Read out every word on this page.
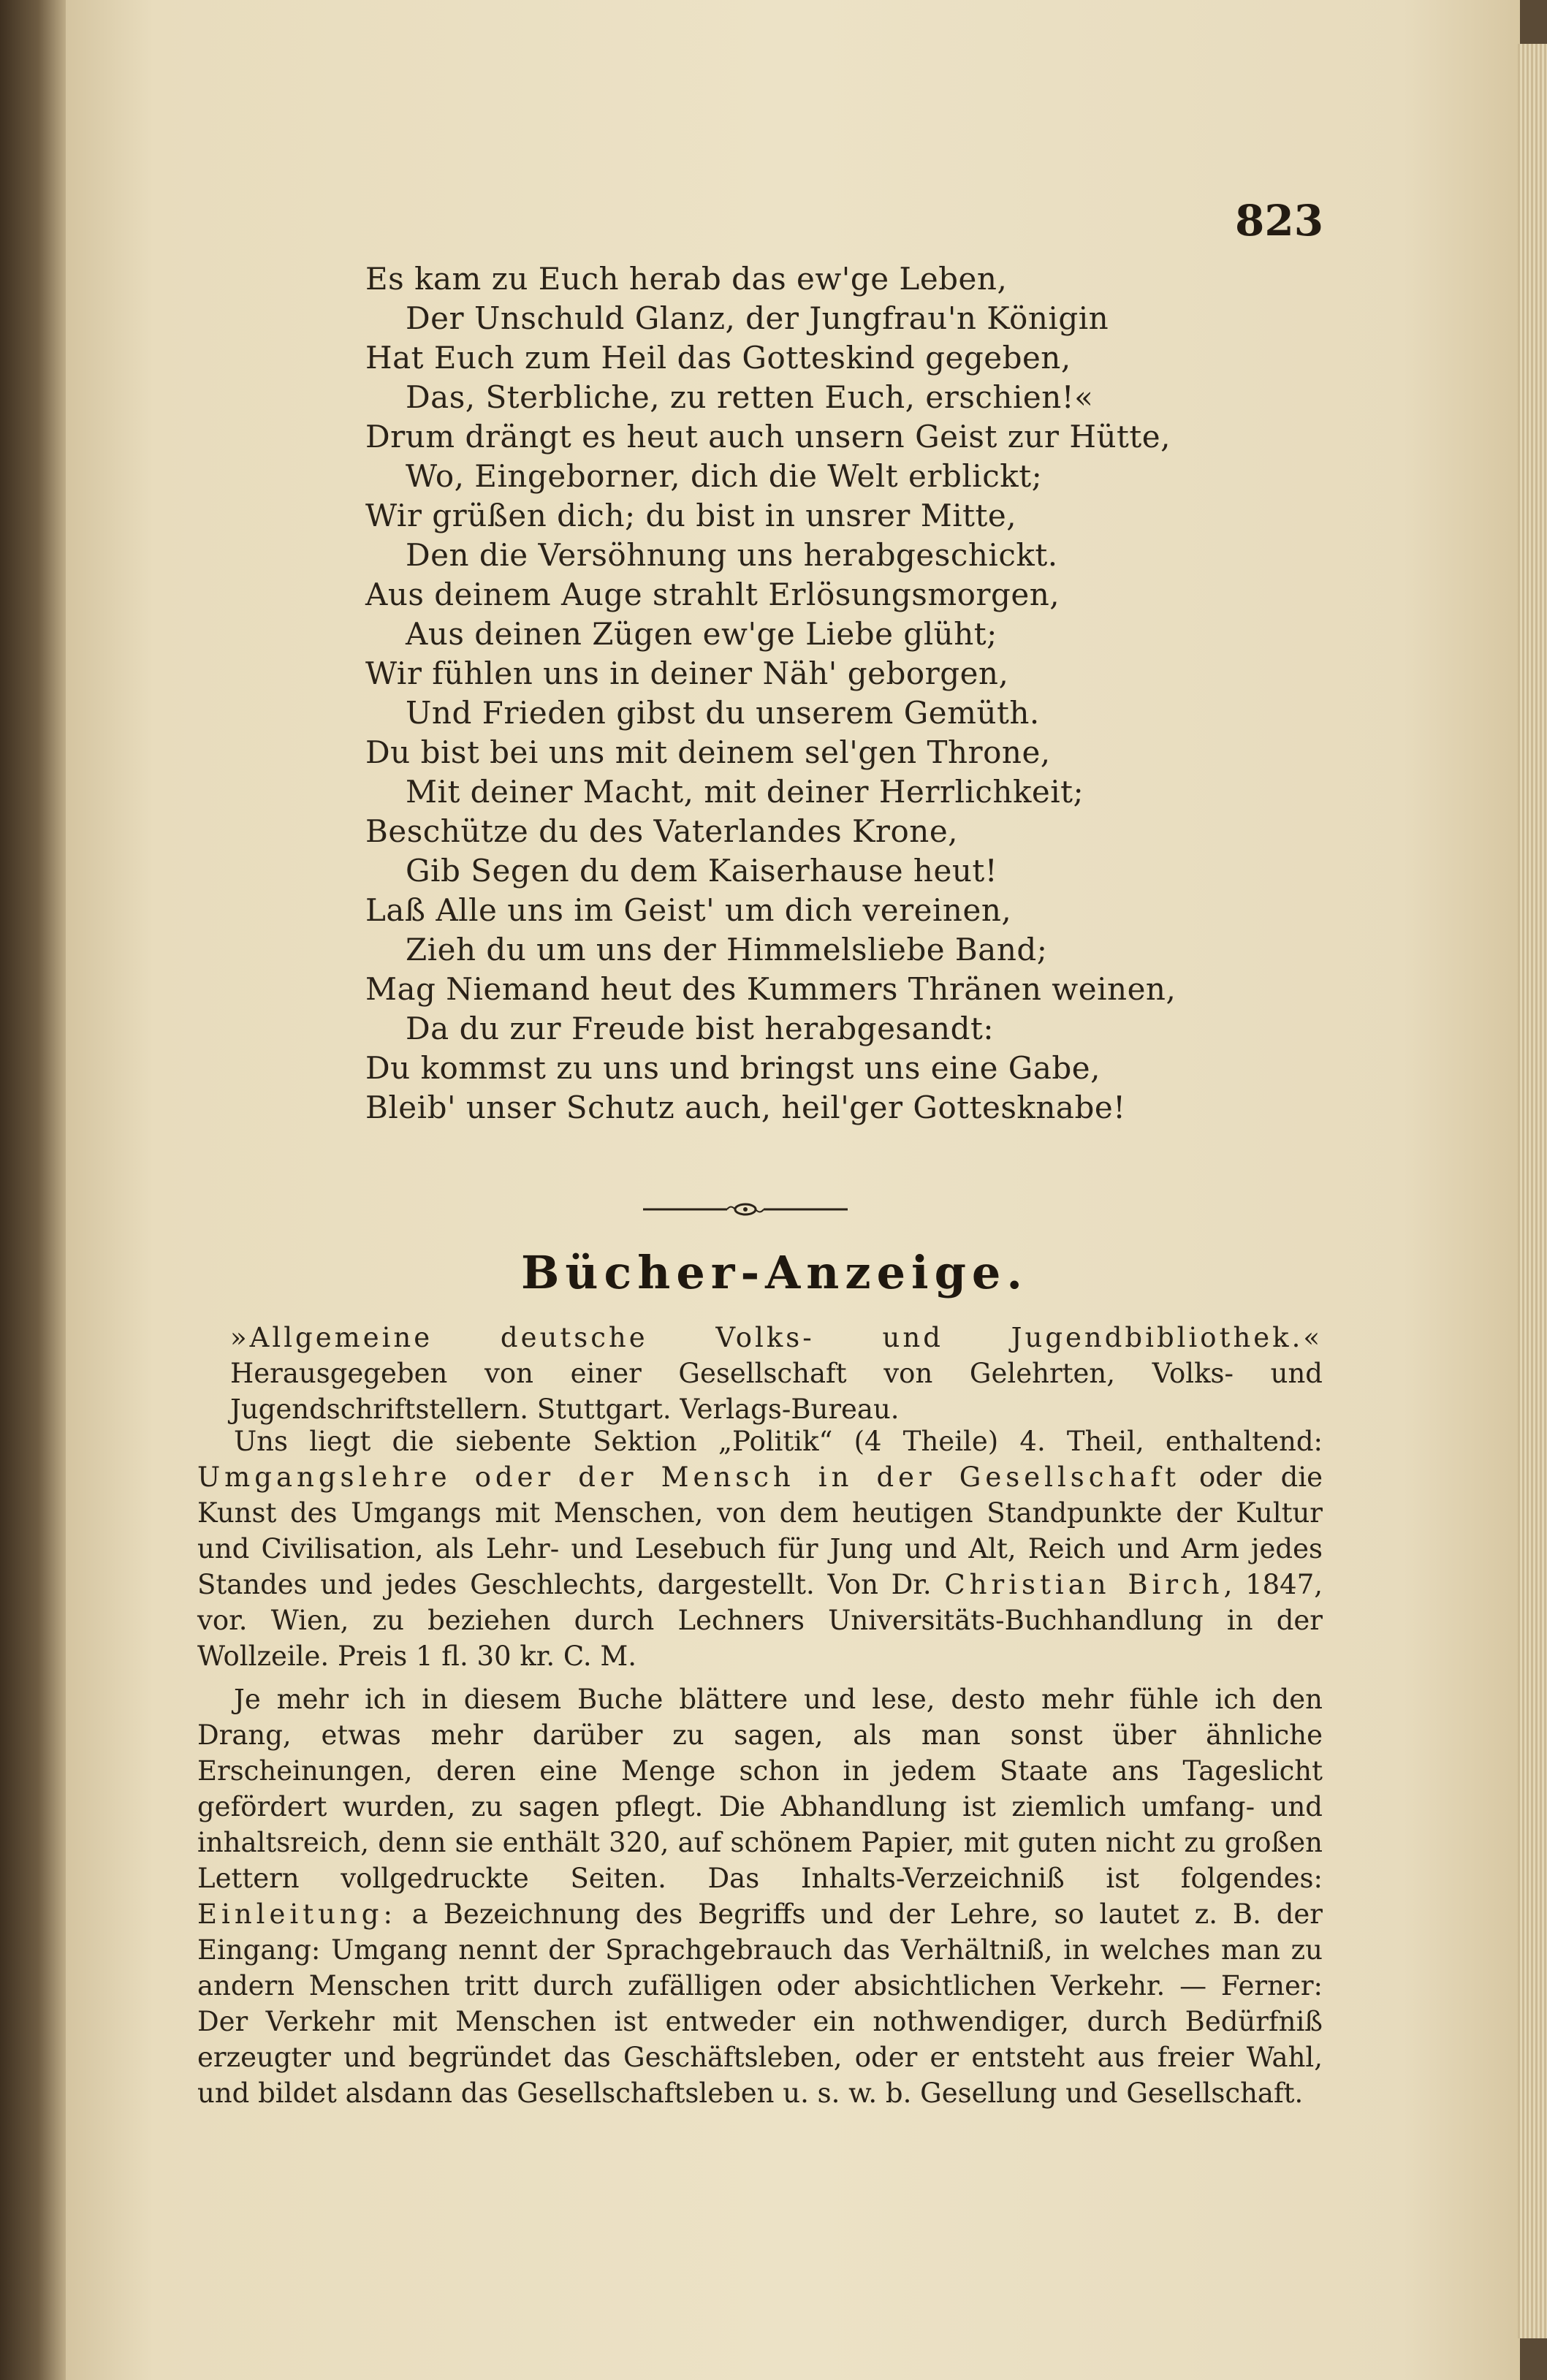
823
Es kam zu Euch herab das ew'ge Leben,
Der Unschuld Glanz, der Jungfrau'n Königin
Hat Euch zum Heil das Gotteskind gegeben,
Das, Sterbliche, zu retten Euch, erschien!«
Drum drängt es heut auch unsern Geist zur Hütte,
Wo, Eingeborner, dich die Welt erblickt;
Wir grüßen dich; du bist in unsrer Mitte,
Den die Versöhnung uns herabgeschickt.
Aus deinem Auge strahlt Erlösungsmorgen,
Aus deinen Zügen ew'ge Liebe glüht;
Wir fühlen uns in deiner Näh' geborgen,
Und Frieden gibst du unserem Gemüth.
Du bist bei uns mit deinem sel'gen Throne,
Mit deiner Macht, mit deiner Herrlichkeit;
Beschütze du des Vaterlandes Krone,
Gib Segen du dem Kaiserhause heut!
Laß Alle uns im Geist' um dich vereinen,
Zieh du um uns der Himmelsliebe Band;
Mag Niemand heut des Kummers Thränen weinen,
Da du zur Freude bist herabgesandt:
Du kommst zu uns und bringst uns eine Gabe,
Bleib' unser Schutz auch, heil'ger Gottesknabe!
Bücher-Anzeige.
»Allgemeine deutsche Volks- und Jugendbibliothek.« Herausgegeben von einer Gesellschaft von Gelehrten, Volks- und Jugendschriftstellern. Stuttgart. Verlags-Bureau.

Uns liegt die siebente Sektion „Politik“ (4 Theile) 4. Theil, enthaltend: Umgangslehre oder der Mensch in der Gesellschaft oder die Kunst des Umgangs mit Menschen, von dem heutigen Standpunkte der Kultur und Civilisation, als Lehr- und Lesebuch für Jung und Alt, Reich und Arm jedes Standes und jedes Geschlechts, dargestellt. Von Dr. Christian Birch, 1847, vor. Wien, zu beziehen durch Lechners Universitäts-Buchhandlung in der Wollzeile. Preis 1 fl. 30 kr. C. M.

Je mehr ich in diesem Buche blättere und lese, desto mehr fühle ich den Drang, etwas mehr darüber zu sagen, als man sonst über ähnliche Erscheinungen, deren eine Menge schon in jedem Staate ans Tageslicht gefördert wurden, zu sagen pflegt. Die Abhandlung ist ziemlich umfang- und inhaltsreich, denn sie enthält 320, auf schönem Papier, mit guten nicht zu großen Lettern vollgedruckte Seiten. Das Inhalts-Verzeichniß ist folgendes: Einleitung: a Bezeichnung des Begriffs und der Lehre, so lautet z. B. der Eingang: Umgang nennt der Sprachgebrauch das Verhältniß, in welches man zu andern Menschen tritt durch zufälligen oder absichtlichen Verkehr. — Ferner: Der Verkehr mit Menschen ist entweder ein nothwendiger, durch Bedürfniß erzeugter und begründet das Geschäftsleben, oder er entsteht aus freier Wahl, und bildet alsdann das Gesellschaftsleben u. s. w. b. Gesellung und Gesellschaft.
